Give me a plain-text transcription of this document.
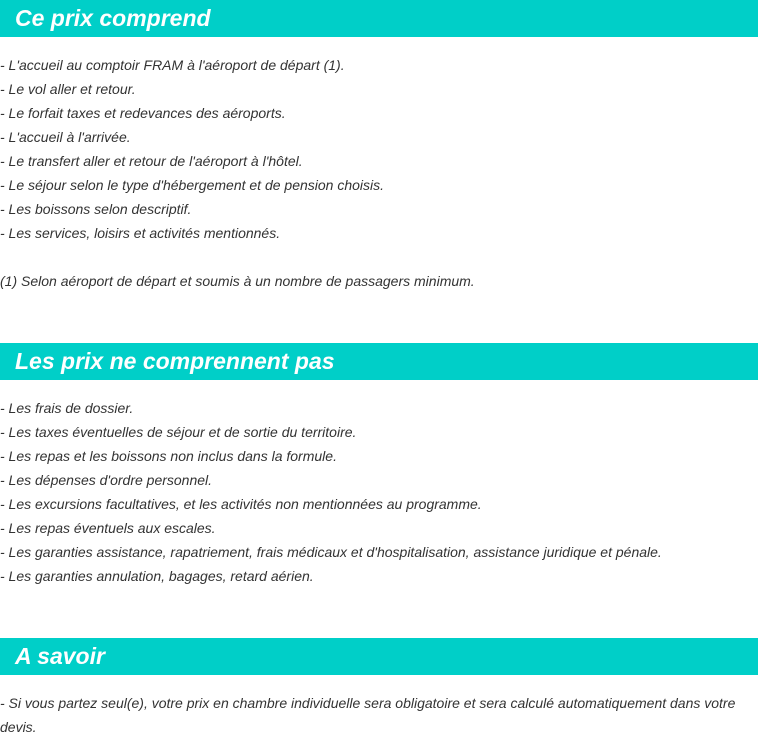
Ce prix comprend
- L'accueil au comptoir FRAM à l'aéroport de départ (1).
- Le vol aller et retour.
- Le forfait taxes et redevances des aéroports.
- L'accueil à l'arrivée.
- Le transfert aller et retour de l'aéroport à l'hôtel.
- Le séjour selon le type d'hébergement et de pension choisis.
- Les boissons selon descriptif.
- Les services, loisirs et activités mentionnés.

(1) Selon aéroport de départ et soumis à un nombre de passagers minimum.

Les prix ne comprennent pas
- Les frais de dossier.
- Les taxes éventuelles de séjour et de sortie du territoire.
- Les repas et les boissons non inclus dans la formule.
- Les dépenses d'ordre personnel.
- Les excursions facultatives, et les activités non mentionnées au programme.
- Les repas éventuels aux escales.
- Les garanties assistance, rapatriement, frais médicaux et d'hospitalisation, assistance juridique et pénale.
- Les garanties annulation, bagages, retard aérien.
A savoir

- Si vous partez seul(e), votre prix en chambre individuelle sera obligatoire et sera calculé automatiquement dans votre devis.
